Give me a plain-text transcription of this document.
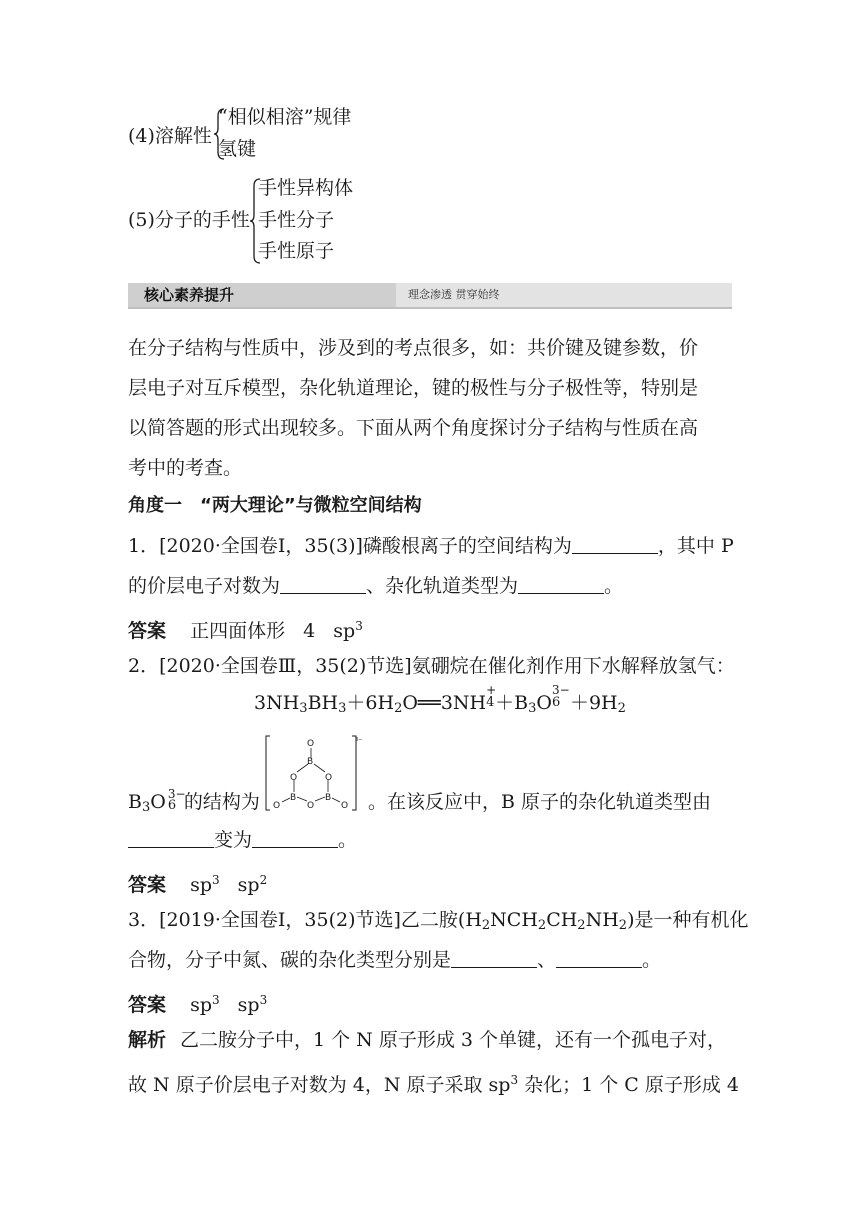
(4)溶解性
“相似相溶”规律
氢键
(5)分子的手性
手性异构体
手性分子
手性原子
核心素养提升	理念渗透 贯穿始终
在分子结构与性质中，涉及到的考点很多，如：共价键及键参数，价
层电子对互斥模型，杂化轨道理论，键的极性与分子极性等，特别是
以简答题的形式出现较多。下面从两个角度探讨分子结构与性质在高
考中的考查。
角度一　“两大理论”与微粒空间结构
1．[2020·全国卷Ⅰ，35(3)]磷酸根离子的空间结构为	，其中 P
的价层电子对数为	、杂化轨道类型为	。
答案 正四面体形 4 $sp^3$
2．[2020·全国卷Ⅲ，35(2)节选]氨硼烷在催化剂作用下水解释放氢气：
3NH3BH3＋6H2O══3NH
+
4 ＋B3O
3−
6 ＋9H2
O
B
O	O
B	B
O
O	O
3−
B3O 3−
6 的结构为	。在该反应中，B 原子的杂化轨道类型由
变为	。
答案 $sp^3$ $sp^2$
3．[2019·全国卷Ⅰ，35(2)节选]乙二胺(H2NCH2CH2NH2)是一种有机化
合物，分子中氮、碳的杂化类型分别是	、	。
答案 $sp^3$ $sp^3$
解析 乙二胺分子中，1 个 N 原子形成 3 个单键，还有一个孤电子对，
故 N 原子价层电子对数为 4，N 原子采取 $sp^3$ 杂化；1 个 C 原子形成 4
